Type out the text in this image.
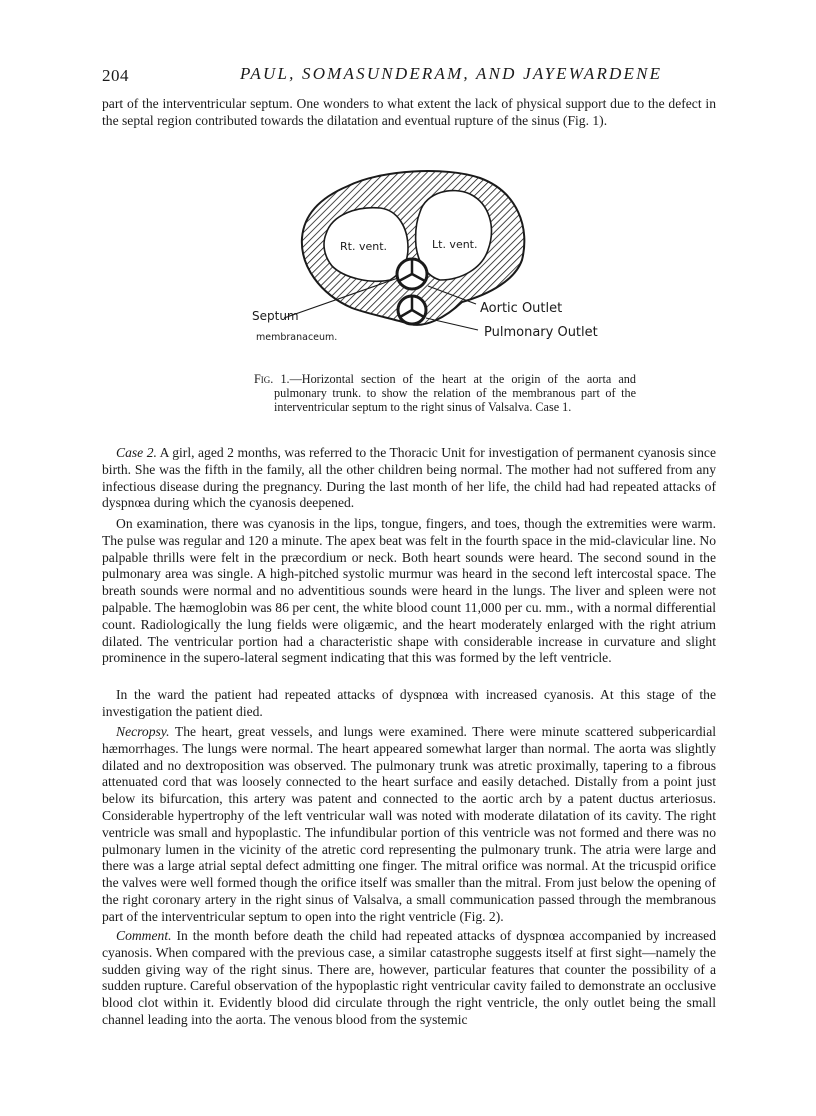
204	PAUL, SOMASUNDERAM, AND JAYEWARDENE

part of the interventricular septum. One wonders to what extent the lack of physical support due to the defect in the septal region contributed towards the dilatation and eventual rupture of the sinus (Fig. 1).

Rt. vent.	Lt. vent.
Septum
membranaceum.
Aortic Outlet
Pulmonary Outlet

Fig. 1.—Horizontal section of the heart at the origin of the aorta and pulmonary trunk. to show the relation of the membranous part of the interventricular septum to the right sinus of Valsalva. Case 1.

Case 2. A girl, aged 2 months, was referred to the Thoracic Unit for investigation of permanent cyanosis since birth. She was the fifth in the family, all the other children being normal. The mother had not suffered from any infectious disease during the pregnancy. During the last month of her life, the child had had repeated attacks of dyspnœa during which the cyanosis deepened.

On examination, there was cyanosis in the lips, tongue, fingers, and toes, though the extremities were warm. The pulse was regular and 120 a minute. The apex beat was felt in the fourth space in the mid-clavicular line. No palpable thrills were felt in the præcordium or neck. Both heart sounds were heard. The second sound in the pulmonary area was single. A high-pitched systolic murmur was heard in the second left intercostal space. The breath sounds were normal and no adventitious sounds were heard in the lungs. The liver and spleen were not palpable. The hæmoglobin was 86 per cent, the white blood count 11,000 per cu. mm., with a normal differential count. Radiologically the lung fields were oligæmic, and the heart moderately enlarged with the right atrium dilated. The ventricular portion had a characteristic shape with considerable increase in curvature and slight prominence in the supero-lateral segment indicating that this was formed by the left ventricle.

In the ward the patient had repeated attacks of dyspnœa with increased cyanosis. At this stage of the investigation the patient died.

Necropsy. The heart, great vessels, and lungs were examined. There were minute scattered subpericardial hæmorrhages. The lungs were normal. The heart appeared somewhat larger than normal. The aorta was slightly dilated and no dextroposition was observed. The pulmonary trunk was atretic proximally, tapering to a fibrous attenuated cord that was loosely connected to the heart surface and easily detached. Distally from a point just below its bifurcation, this artery was patent and connected to the aortic arch by a patent ductus arteriosus. Considerable hypertrophy of the left ventricular wall was noted with moderate dilatation of its cavity. The right ventricle was small and hypoplastic. The infundibular portion of this ventricle was not formed and there was no pulmonary lumen in the vicinity of the atretic cord representing the pulmonary trunk. The atria were large and there was a large atrial septal defect admitting one finger. The mitral orifice was normal. At the tricuspid orifice the valves were well formed though the orifice itself was smaller than the mitral. From just below the opening of the right coronary artery in the right sinus of Valsalva, a small communication passed through the membranous part of the interventricular septum to open into the right ventricle (Fig. 2).

Comment. In the month before death the child had repeated attacks of dyspnœa accompanied by increased cyanosis. When compared with the previous case, a similar catastrophe suggests itself at first sight—namely the sudden giving way of the right sinus. There are, however, particular features that counter the possibility of a sudden rupture. Careful observation of the hypoplastic right ventricular cavity failed to demonstrate an occlusive blood clot within it. Evidently blood did circulate through the right ventricle, the only outlet being the small channel leading into the aorta. The venous blood from the systemic
